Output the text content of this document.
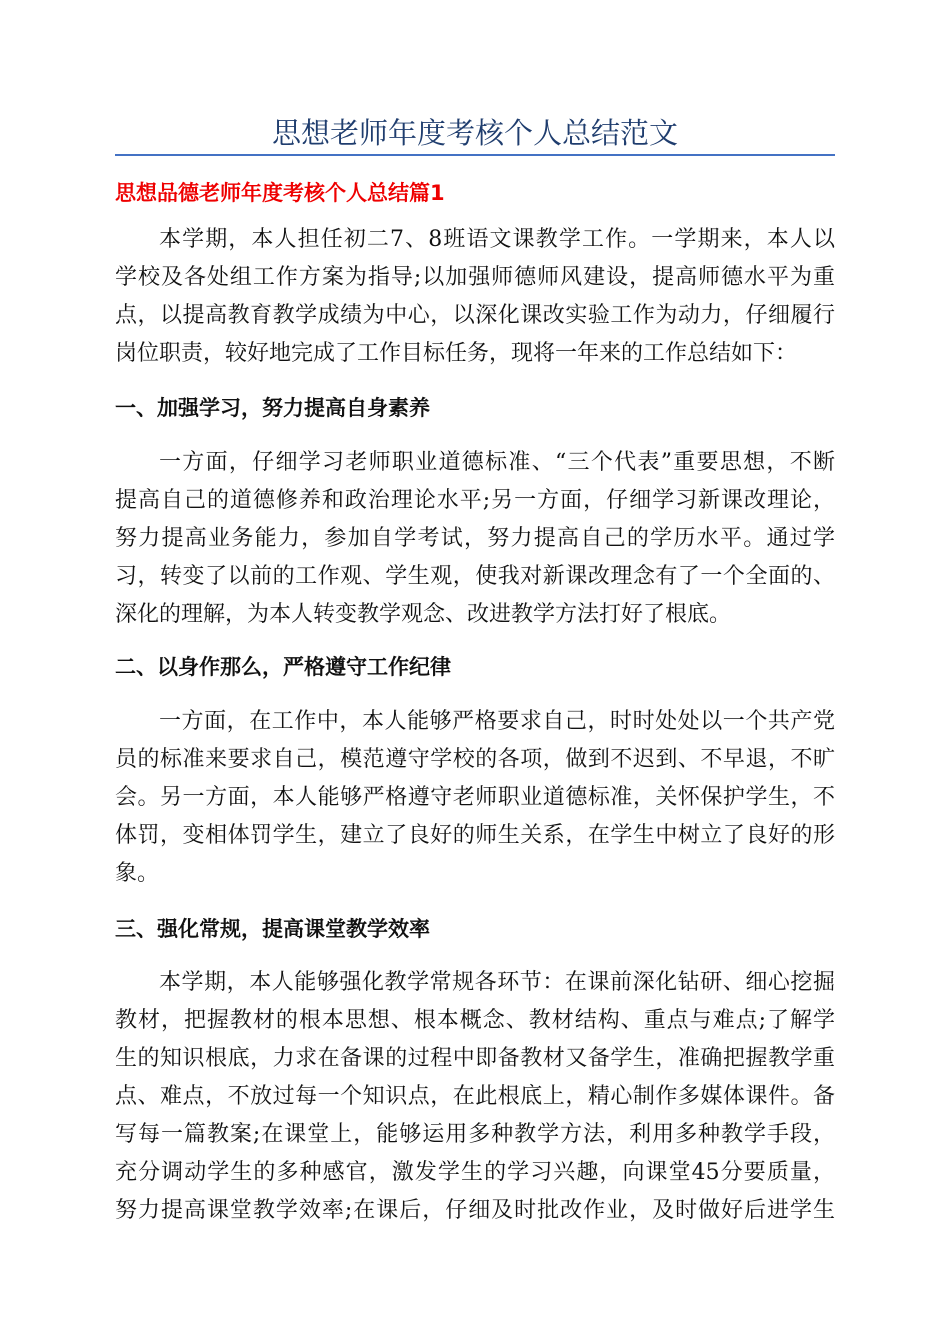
思想老师年度考核个人总结范文
思想品德老师年度考核个人总结篇1
本学期，本人担任初二7、8班语文课教学工作。一学期来，本人以
学校及各处组工作方案为指导;以加强师德师风建设，提高师德水平为重
点，以提高教育教学成绩为中心，以深化课改实验工作为动力，仔细履行
岗位职责，较好地完成了工作目标任务，现将一年来的工作总结如下：
一、加强学习，努力提高自身素养
一方面，仔细学习老师职业道德标准、“三个代表”重要思想，不断
提高自己的道德修养和政治理论水平;另一方面，仔细学习新课改理论，
努力提高业务能力，参加自学考试，努力提高自己的学历水平。通过学
习，转变了以前的工作观、学生观，使我对新课改理念有了一个全面的、
深化的理解，为本人转变教学观念、改进教学方法打好了根底。
二、以身作那么，严格遵守工作纪律
一方面，在工作中，本人能够严格要求自己，时时处处以一个共产党
员的标准来要求自己，模范遵守学校的各项，做到不迟到、不早退，不旷
会。另一方面，本人能够严格遵守老师职业道德标准，关怀保护学生，不
体罚，变相体罚学生，建立了良好的师生关系，在学生中树立了良好的形
象。
三、强化常规，提高课堂教学效率
本学期，本人能够强化教学常规各环节：在课前深化钻研、细心挖掘
教材，把握教材的根本思想、根本概念、教材结构、重点与难点;了解学
生的知识根底，力求在备课的过程中即备教材又备学生，准确把握教学重
点、难点，不放过每一个知识点，在此根底上，精心制作多媒体课件。备
写每一篇教案;在课堂上，能够运用多种教学方法，利用多种教学手段，
充分调动学生的多种感官，激发学生的学习兴趣，向课堂45分要质量，
努力提高课堂教学效率;在课后，仔细及时批改作业，及时做好后进学生
